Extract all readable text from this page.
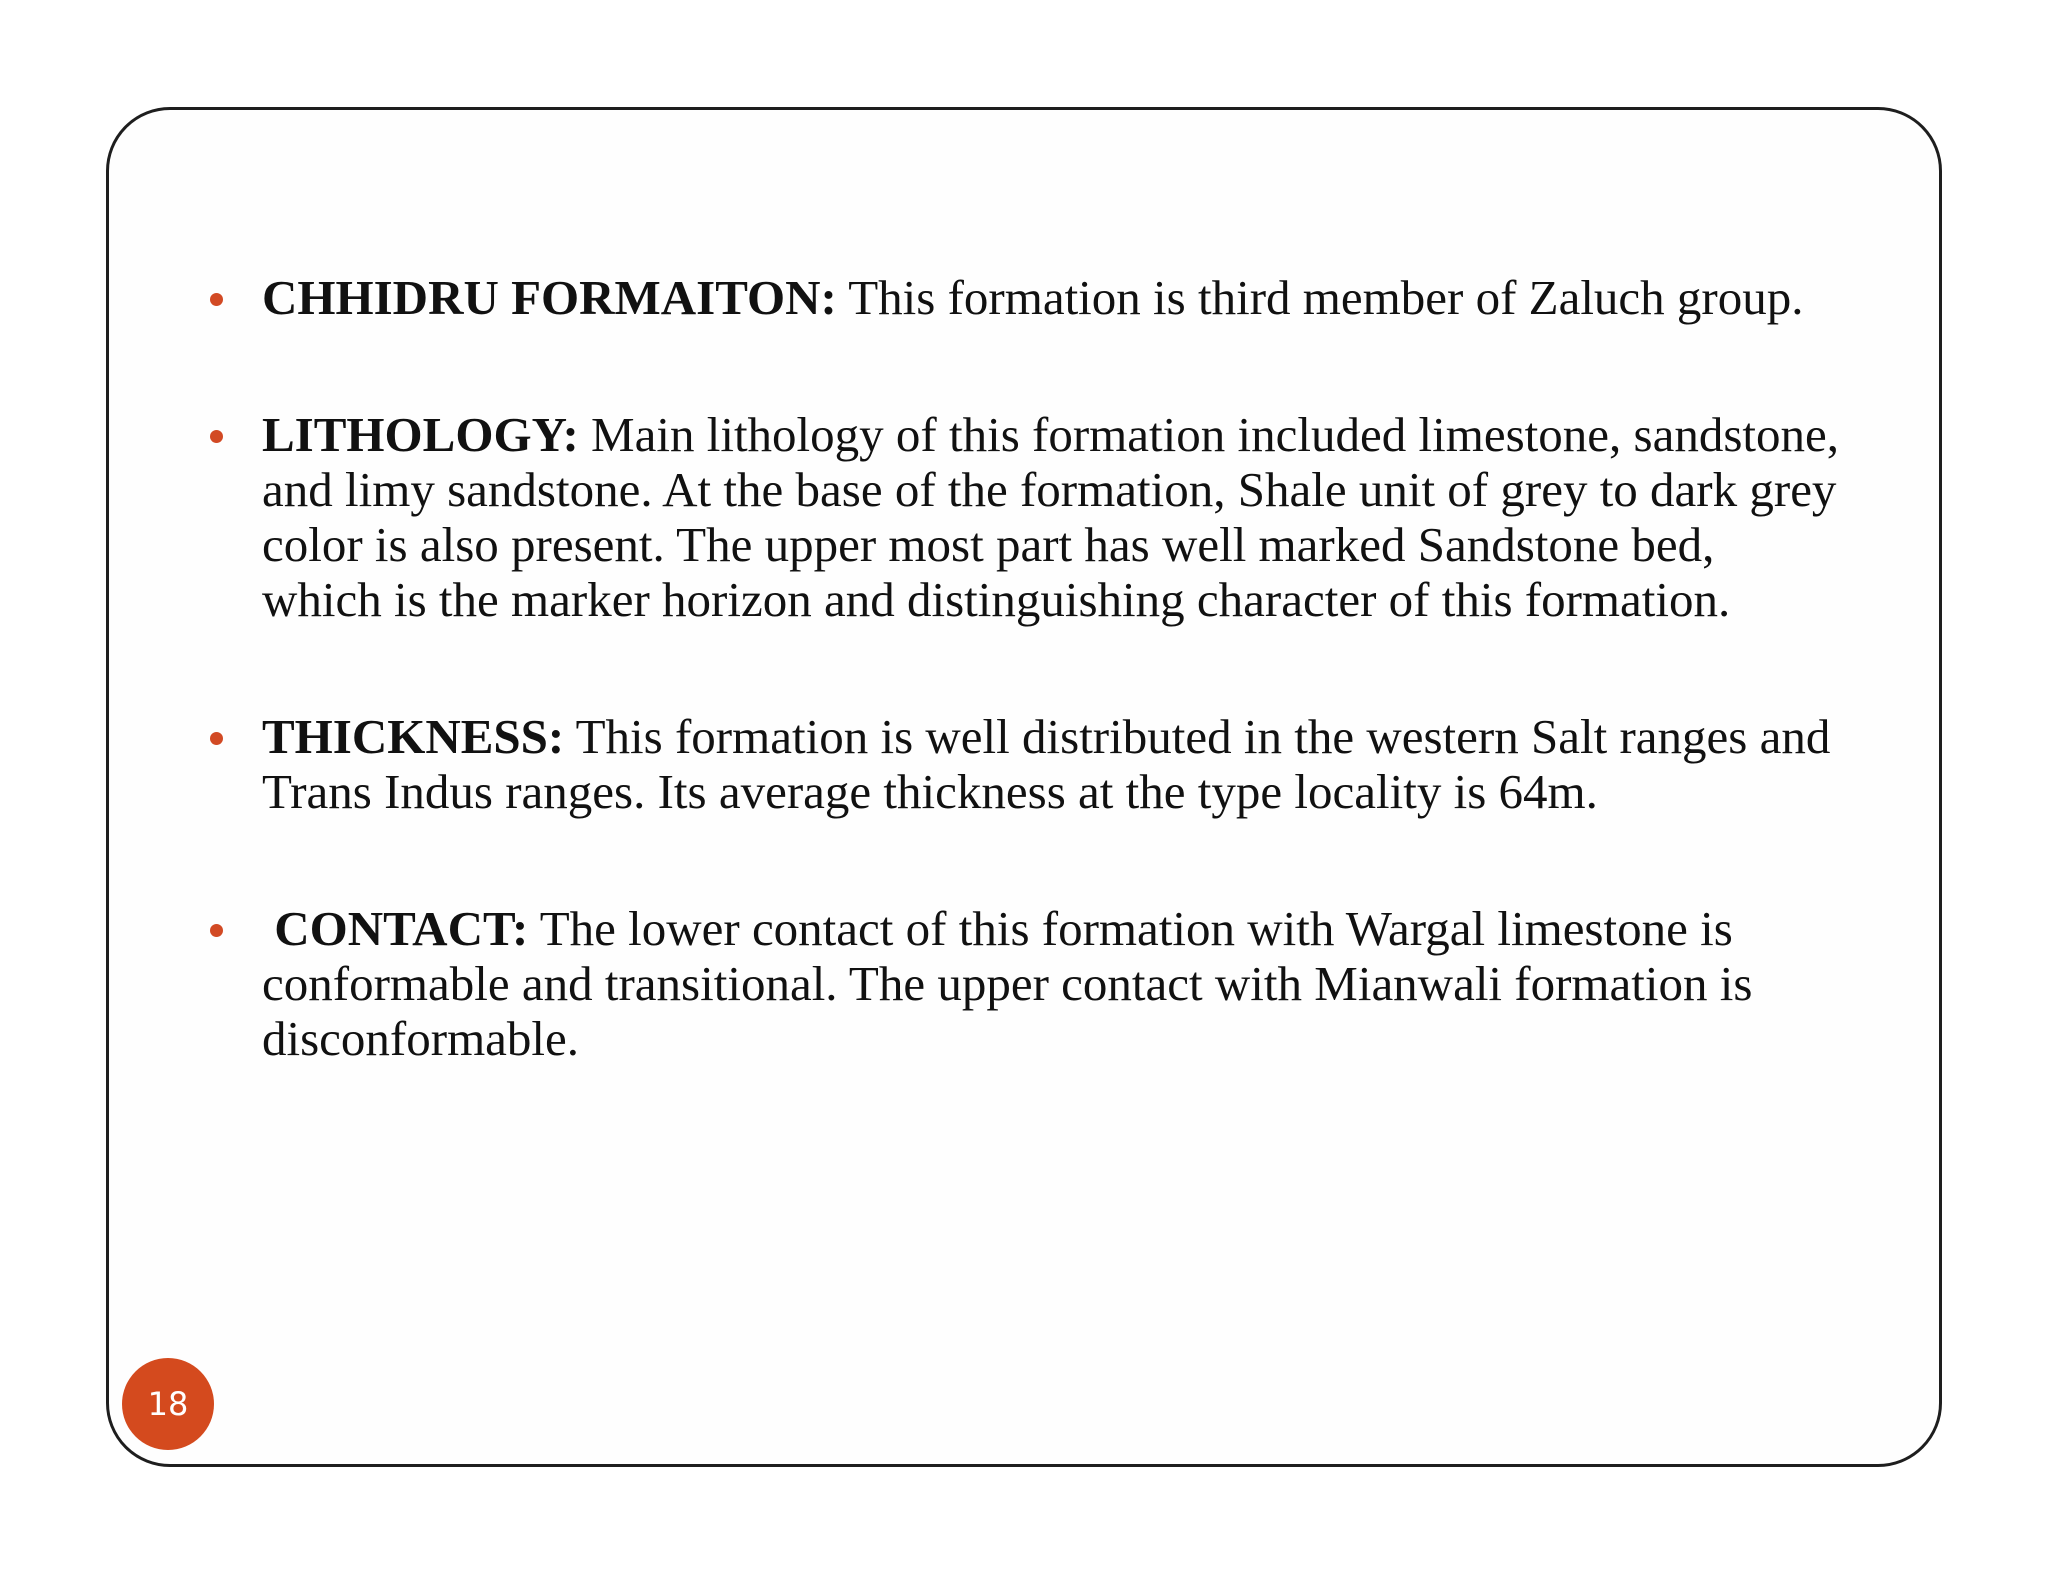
CHHIDRU FORMAITON: This formation is third member of Zaluch group.
LITHOLOGY: Main lithology of this formation included limestone, sandstone, and limy sandstone. At the base of the formation, Shale unit of grey to dark grey color is also present. The upper most part has well marked Sandstone bed, which is the marker horizon and distinguishing character of this formation.
THICKNESS: This formation is well distributed in the western Salt ranges and Trans Indus ranges. Its average thickness at the type locality is 64m.
CONTACT: The lower contact of this formation with Wargal limestone is conformable and transitional. The upper contact with Mianwali formation is disconformable.
18
